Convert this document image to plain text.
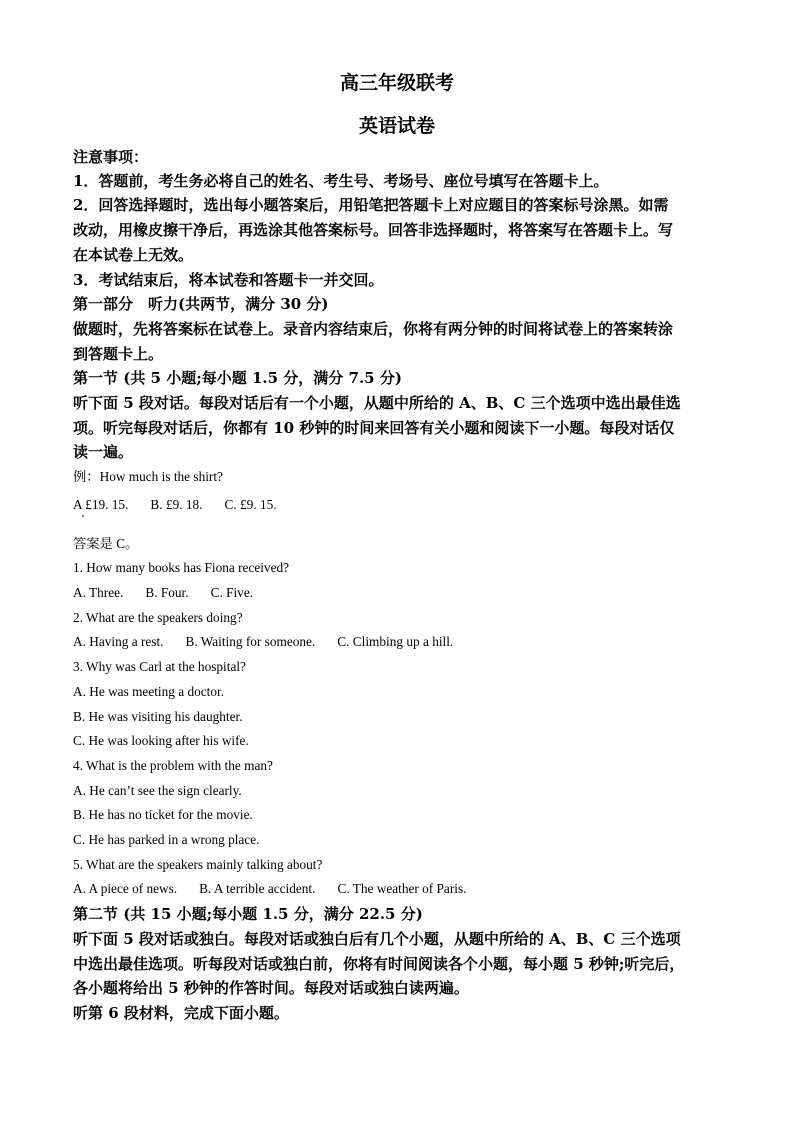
高三年级联考
英语试卷
注意事项：
1．答题前，考生务必将自己的姓名、考生号、考场号、座位号填写在答题卡上。
2．回答选择题时，选出每小题答案后，用铅笔把答题卡上对应题目的答案标号涂黑。如需
改动，用橡皮擦干净后，再选涂其他答案标号。回答非选择题时，将答案写在答题卡上。写
在本试卷上无效。
3．考试结束后，将本试卷和答题卡一并交回。
第一部分　听力(共两节，满分 30 分)
做题时，先将答案标在试卷上。录音内容结束后，你将有两分钟的时间将试卷上的答案转涂
到答题卡上。
第一节 (共 5 小题;每小题 1.5 分，满分 7.5 分)
听下面 5 段对话。每段对话后有一个小题，从题中所给的 A、B、C 三个选项中选出最佳选
项。听完每段对话后，你都有 10 秒钟的时间来回答有关小题和阅读下一小题。每段对话仅
读一遍。
例：How much is the shirt?
A £19. 15. B. £9. 18. C. £9. 15.
答案是 C。
1. How many books has Fiona received?
A. Three. B. Four. C. Five.
2. What are the speakers doing?
A. Having a rest. B. Waiting for someone. C. Climbing up a hill.
3. Why was Carl at the hospital?
A. He was meeting a doctor.
B. He was visiting his daughter.
C. He was looking after his wife.
4. What is the problem with the man?
A. He can’t see the sign clearly.
B. He has no ticket for the movie.
C. He has parked in a wrong place.
5. What are the speakers mainly talking about?
A. A piece of news. B. A terrible accident. C. The weather of Paris.
第二节 (共 15 小题;每小题 1.5 分，满分 22.5 分)
听下面 5 段对话或独白。每段对话或独白后有几个小题，从题中所给的 A、B、C 三个选项
中选出最佳选项。听每段对话或独白前，你将有时间阅读各个小题，每小题 5 秒钟;听完后，
各小题将给出 5 秒钟的作答时间。每段对话或独白读两遍。
听第 6 段材料，完成下面小题。
